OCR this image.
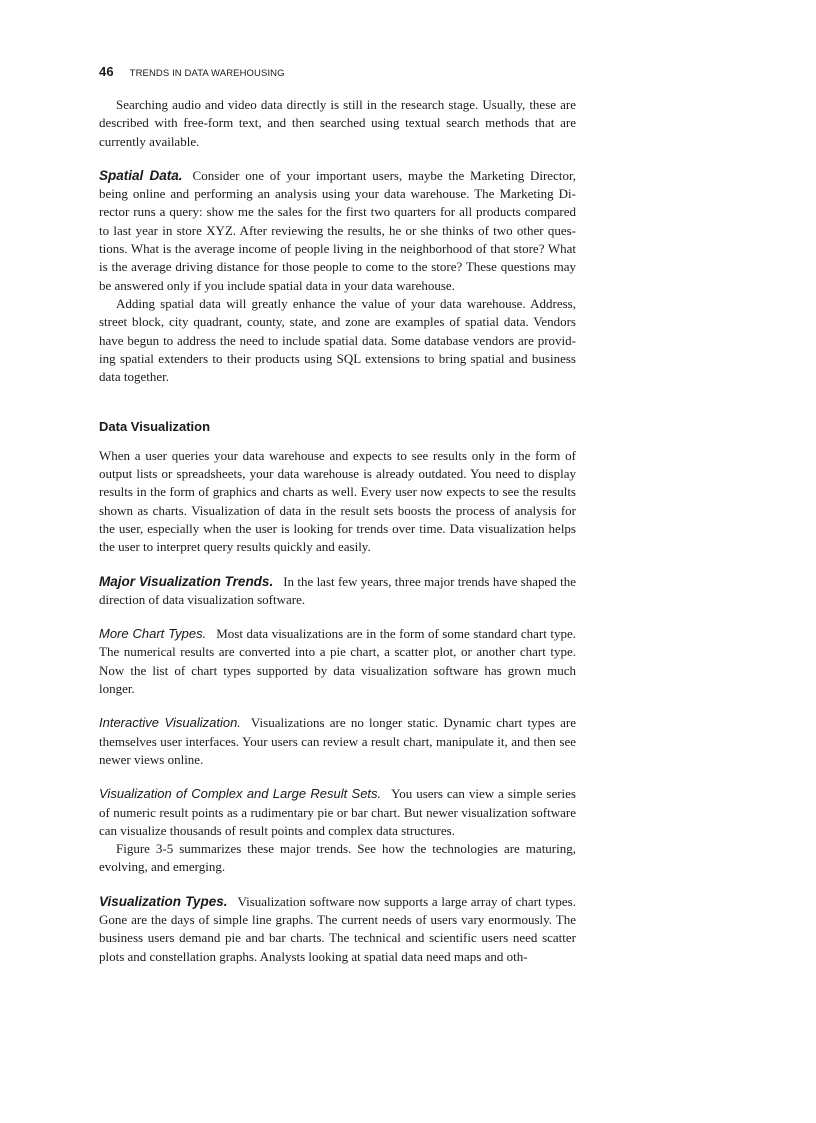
46 TRENDS IN DATA WAREHOUSING

Searching audio and video data directly is still in the research stage. Usually, these are described with free-form text, and then searched using textual search methods that are currently available.

Spatial Data. Consider one of your important users, maybe the Marketing Director, being online and performing an analysis using your data warehouse. The Marketing Director runs a query: show me the sales for the first two quarters for all products compared to last year in store XYZ. After reviewing the results, he or she thinks of two other questions. What is the average income of people living in the neighborhood of that store? What is the average driving distance for those people to come to the store? These questions may be answered only if you include spatial data in your data warehouse.

Adding spatial data will greatly enhance the value of your data warehouse. Address, street block, city quadrant, county, state, and zone are examples of spatial data. Vendors have begun to address the need to include spatial data. Some database vendors are providing spatial extenders to their products using SQL extensions to bring spatial and business data together.

Data Visualization

When a user queries your data warehouse and expects to see results only in the form of output lists or spreadsheets, your data warehouse is already outdated. You need to display results in the form of graphics and charts as well. Every user now expects to see the results shown as charts. Visualization of data in the result sets boosts the process of analysis for the user, especially when the user is looking for trends over time. Data visualization helps the user to interpret query results quickly and easily.

Major Visualization Trends. In the last few years, three major trends have shaped the direction of data visualization software.

More Chart Types. Most data visualizations are in the form of some standard chart type. The numerical results are converted into a pie chart, a scatter plot, or another chart type. Now the list of chart types supported by data visualization software has grown much longer.

Interactive Visualization. Visualizations are no longer static. Dynamic chart types are themselves user interfaces. Your users can review a result chart, manipulate it, and then see newer views online.

Visualization of Complex and Large Result Sets. You users can view a simple series of numeric result points as a rudimentary pie or bar chart. But newer visualization software can visualize thousands of result points and complex data structures.

Figure 3-5 summarizes these major trends. See how the technologies are maturing, evolving, and emerging.

Visualization Types. Visualization software now supports a large array of chart types. Gone are the days of simple line graphs. The current needs of users vary enormously. The business users demand pie and bar charts. The technical and scientific users need scatter plots and constellation graphs. Analysts looking at spatial data need maps and oth-
